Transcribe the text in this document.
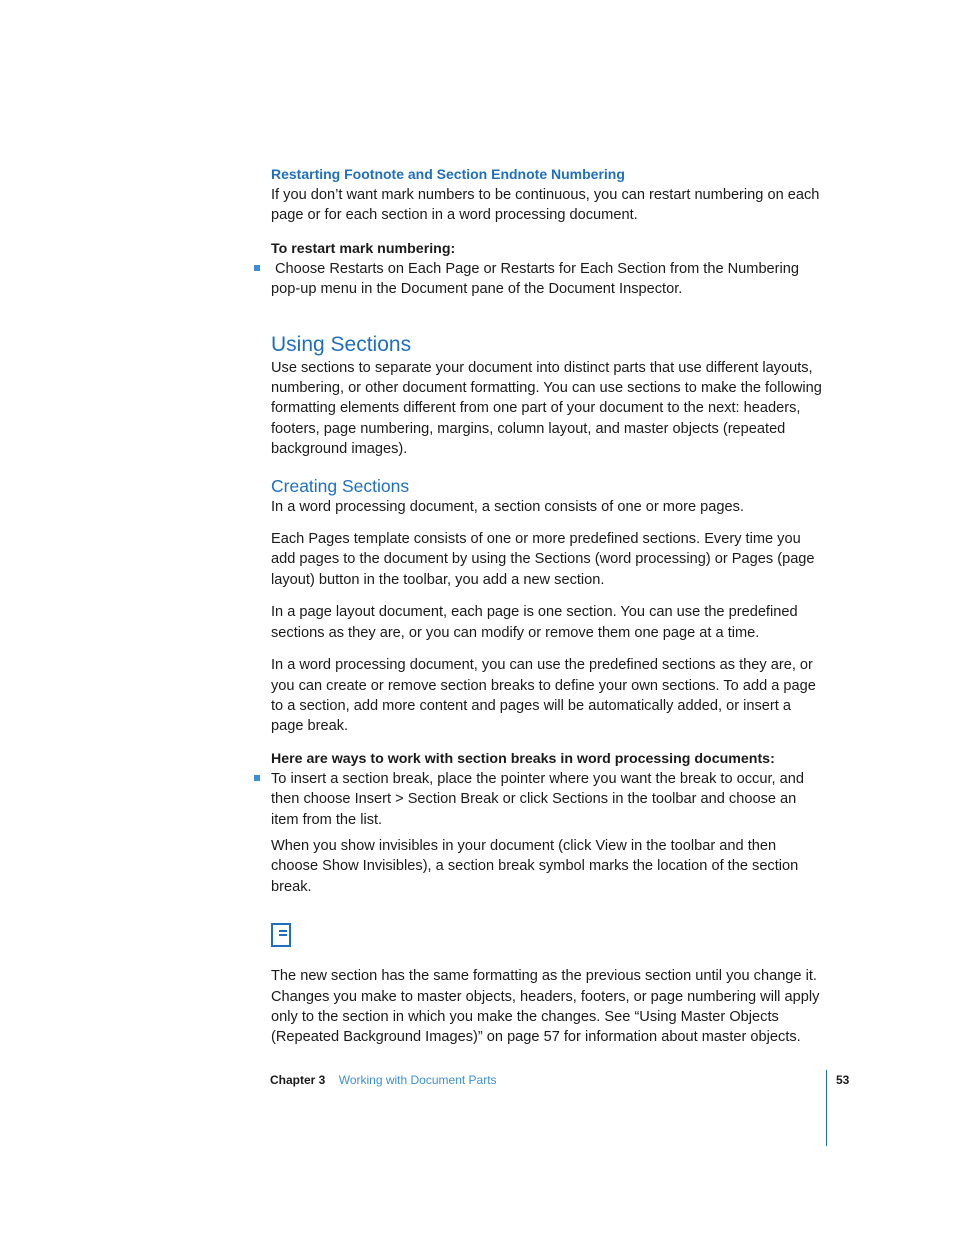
Restarting Footnote and Section Endnote Numbering

If you don’t want mark numbers to be continuous, you can restart numbering on each page or for each section in a word processing document.

To restart mark numbering:

Choose Restarts on Each Page or Restarts for Each Section from the Numbering pop-up menu in the Document pane of the Document Inspector.

Using Sections

Use sections to separate your document into distinct parts that use different layouts, numbering, or other document formatting. You can use sections to make the following formatting elements different from one part of your document to the next: headers, footers, page numbering, margins, column layout, and master objects (repeated background images).

Creating Sections

In a word processing document, a section consists of one or more pages.

Each Pages template consists of one or more predefined sections. Every time you add pages to the document by using the Sections (word processing) or Pages (page layout) button in the toolbar, you add a new section.

In a page layout document, each page is one section. You can use the predefined sections as they are, or you can modify or remove them one page at a time.

In a word processing document, you can use the predefined sections as they are, or you can create or remove section breaks to define your own sections. To add a page to a section, add more content and pages will be automatically added, or insert a page break.

Here are ways to work with section breaks in word processing documents:

To insert a section break, place the pointer where you want the break to occur, and then choose Insert > Section Break or click Sections in the toolbar and choose an item from the list.

When you show invisibles in your document (click View in the toolbar and then choose Show Invisibles), a section break symbol marks the location of the section break.

The new section has the same formatting as the previous section until you change it. Changes you make to master objects, headers, footers, or page numbering will apply only to the section in which you make the changes. See “Using Master Objects (Repeated Background Images)” on page 57 for information about master objects.

Chapter 3 Working with Document Parts	53
